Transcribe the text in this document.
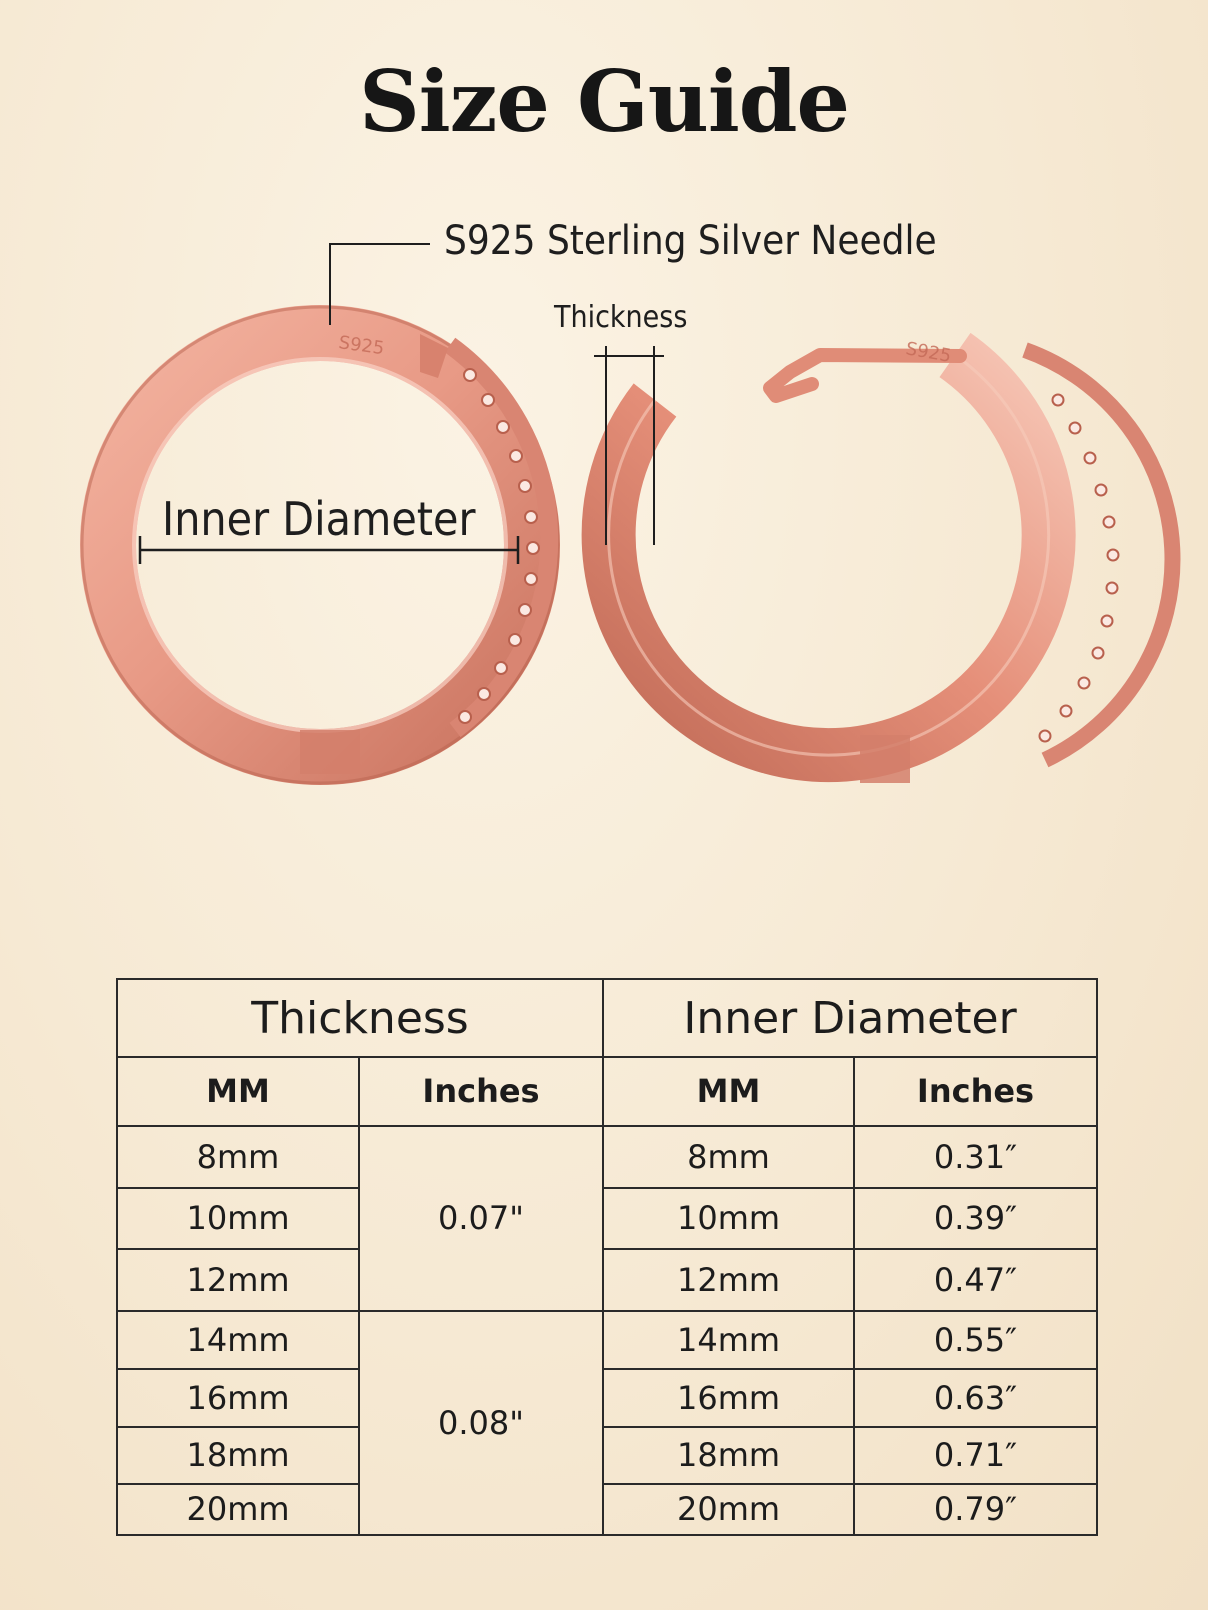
Size Guide
S925	S925
S925 Sterling Silver Needle
Thickness
Inner Diameter
Thickness		Inner Diameter	
MM	Inches	MM	Inches
8mm	0.07"	8mm	0.31″
10mm		10mm	0.39″
12mm		12mm	0.47″
14mm	0.08"	14mm	0.55″
16mm		16mm	0.63″
18mm		18mm	0.71″
20mm		20mm	0.79″
